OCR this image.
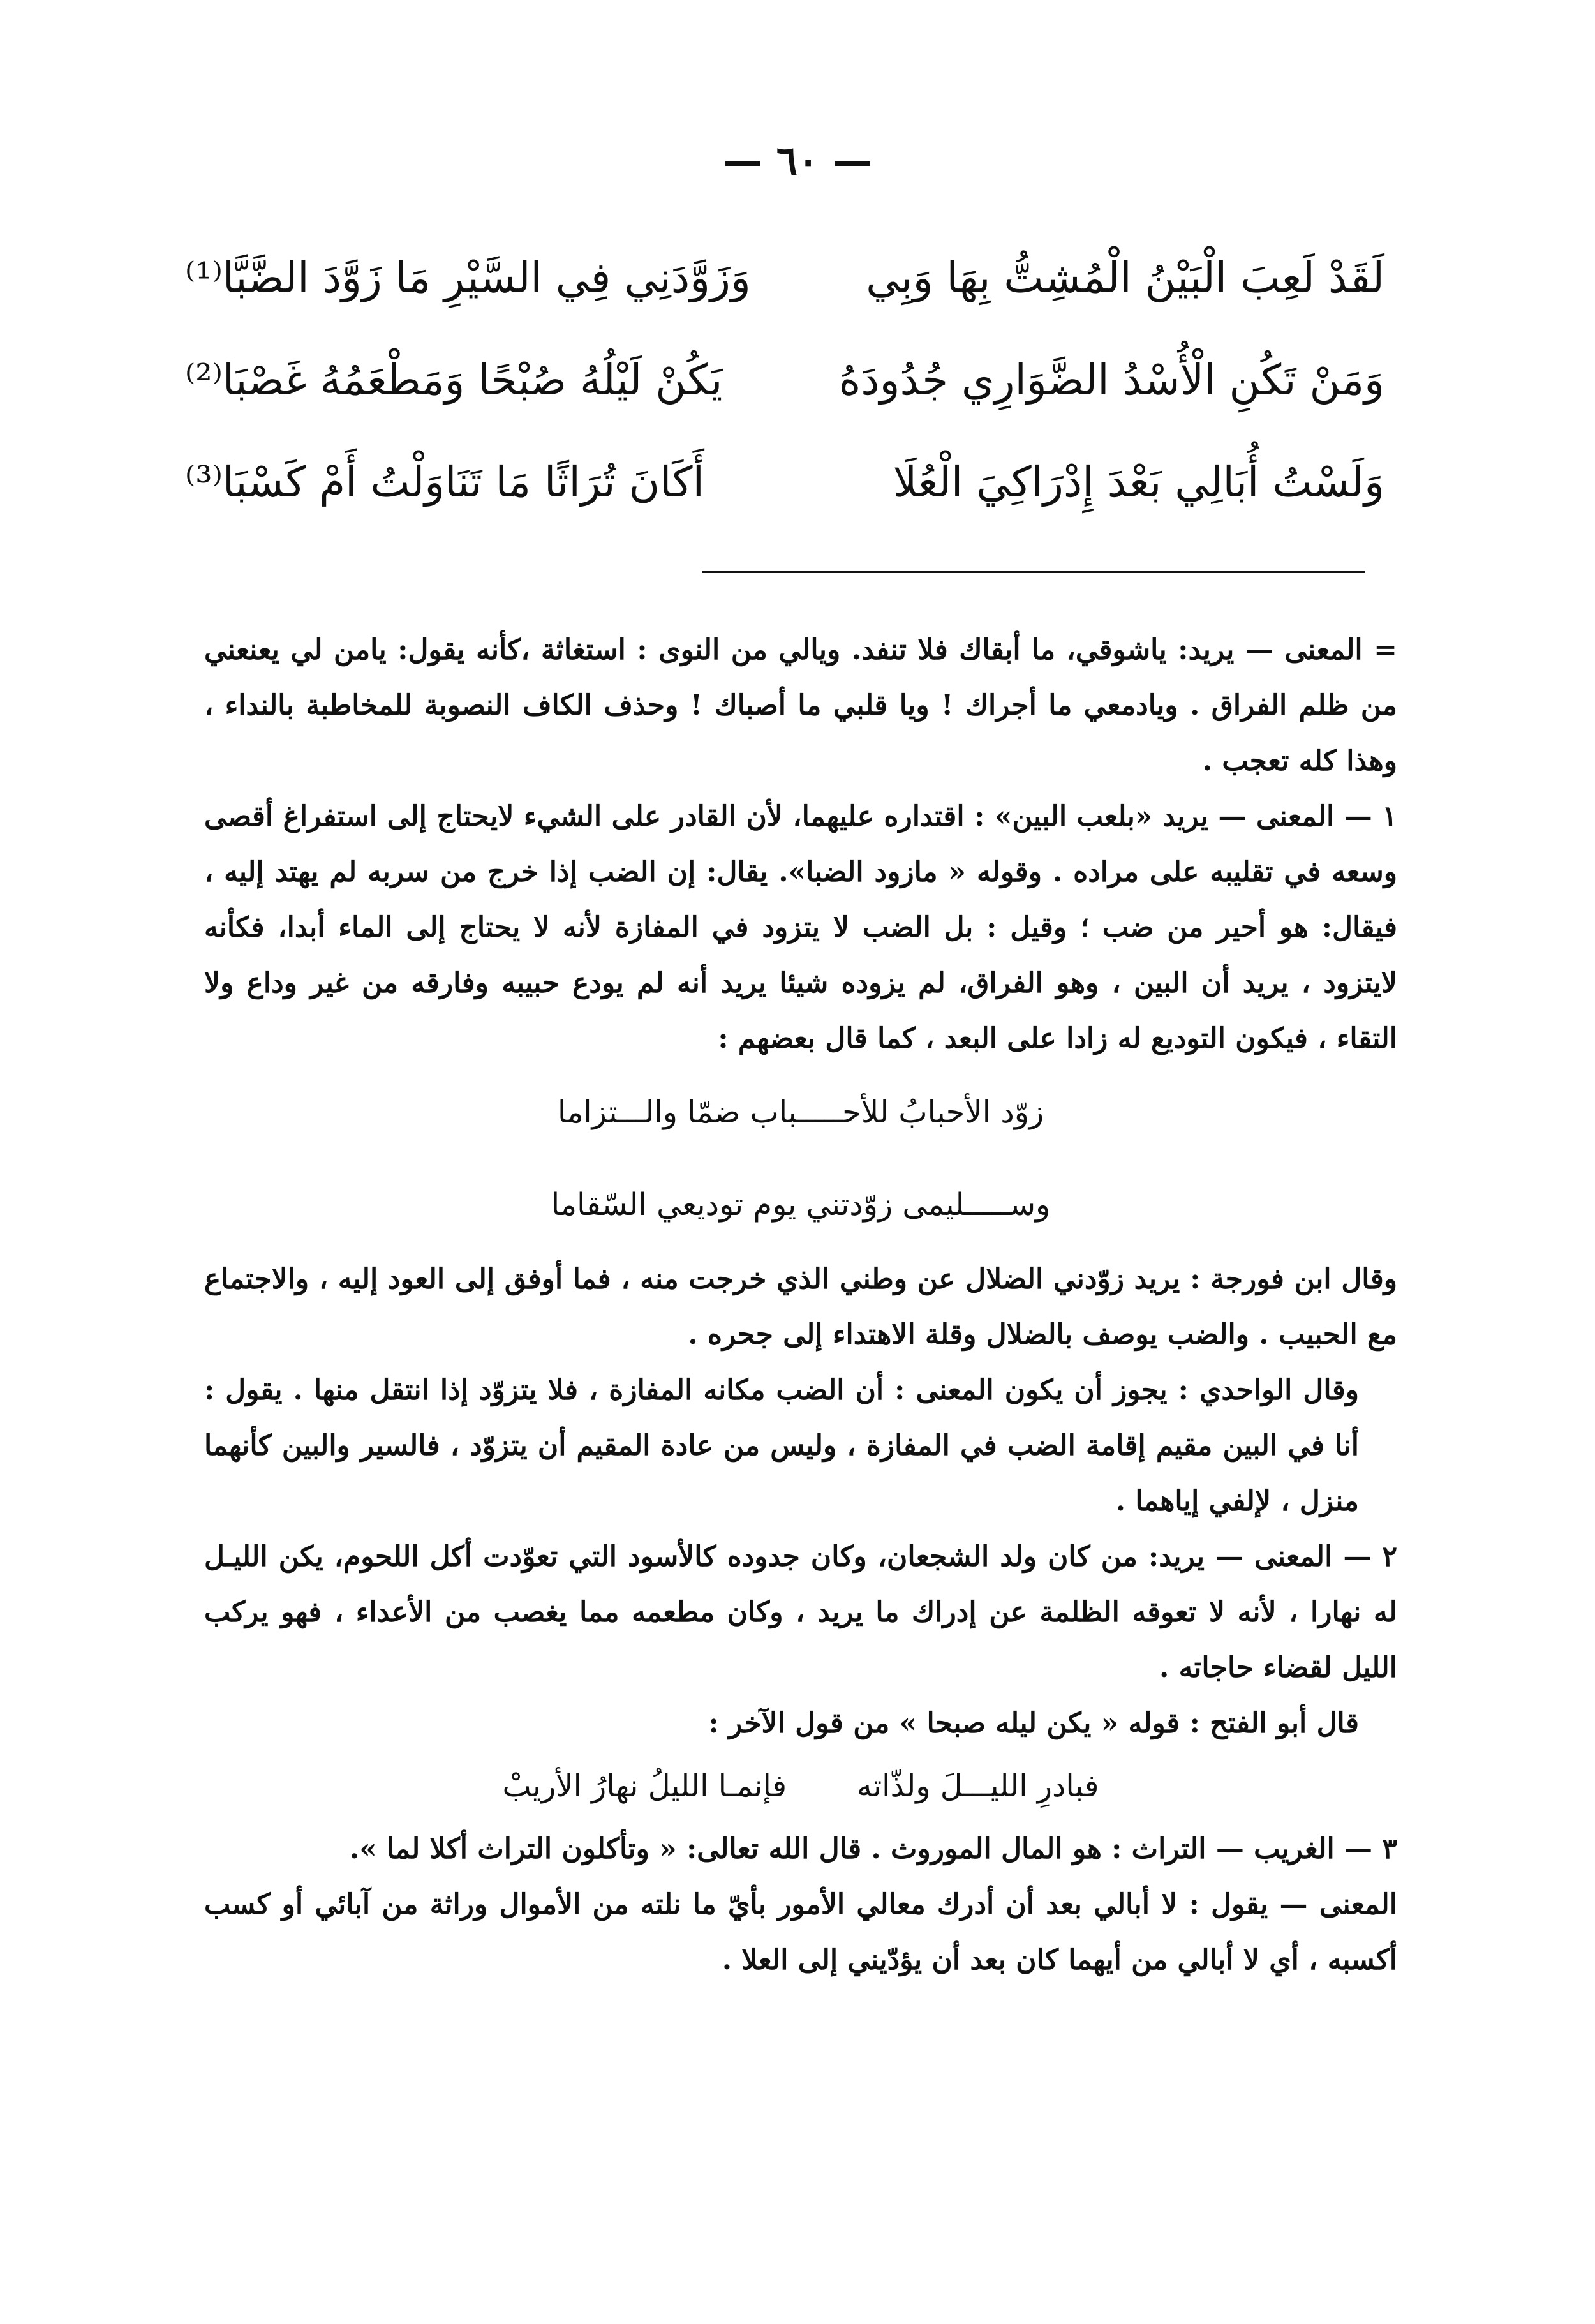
— ٦٠ —
لَقَدْ لَعِبَ الْبَيْنُ الْمُشِتُّ بِهَا وَبِي
وَزَوَّدَنِي فِي السَّيْرِ مَا زَوَّدَ الضَّبَّا⁽¹⁾
وَمَنْ تَكُنِ الْأُسْدُ الضَّوَارِي جُدُودَهُ
يَكُنْ لَيْلُهُ صُبْحًا وَمَطْعَمُهُ غَصْبَا⁽²⁾
وَلَسْتُ أُبَالِي بَعْدَ إِدْرَاكِيَ الْعُلَا
أَكَانَ تُرَاثًا مَا تَنَاوَلْتُ أَمْ كَسْبَا⁽³⁾

= المعنى — يريد: ياشوقي، ما أبقاك فلا تنفد. ويالي من النوى : استغاثة ،كأنه يقول: يامن لي يعنعني من ظلم الفراق . ويادمعي ما أجراك ! ويا قلبي ما أصباك ! وحذف الكاف النصوبة للمخاطبة بالنداء ، وهذا كله تعجب .

١ — المعنى — يريد «بلعب البين» : اقتداره عليهما، لأن القادر على الشيء لايحتاج إلى استفراغ أقصى وسعه في تقليبه على مراده . وقوله « مازود الضبا». يقال: إن الضب إذا خرج من سربه لم يهتد إليه ، فيقال: هو أحير من ضب ؛ وقيل : بل الضب لا يتزود في المفازة لأنه لا يحتاج إلى الماء أبدا، فكأنه لايتزود ، يريد أن البين ، وهو الفراق، لم يزوده شيئا يريد أنه لم يودع حبيبه وفارقه من غير وداع ولا التقاء ، فيكون التوديع له زادا على البعد ، كما قال بعضهم :

زوّد الأحبابُ للأحـــــباب ضمّا والـــتزاما
وســـــليمى زوّدتني يوم توديعي السّقاما

وقال ابن فورجة : يريد زوّدني الضلال عن وطني الذي خرجت منه ، فما أوفق إلى العود إليه ، والاجتماع مع الحبيب . والضب يوصف بالضلال وقلة الاهتداء إلى جحره .

وقال الواحدي : يجوز أن يكون المعنى : أن الضب مكانه المفازة ، فلا يتزوّد إذا انتقل منها . يقول : أنا في البين مقيم إقامة الضب في المفازة ، وليس من عادة المقيم أن يتزوّد ، فالسير والبين كأنهما منزل ، لإلفي إياهما .

٢ — المعنى — يريد: من كان ولد الشجعان، وكان جدوده كالأسود التي تعوّدت أكل اللحوم، يكن الليـل له نهارا ، لأنه لا تعوقه الظلمة عن إدراك ما يريد ، وكان مطعمه مما يغصب من الأعداء ، فهو يركب الليل لقضاء حاجاته .

قال أبو الفتح : قوله « يكن ليله صبحا » من قول الآخر :

فبادرِ الليـــلَ ولذّاته
فإنمـا الليلُ نهارُ الأريبْ

٣ — الغريب — التراث : هو المال الموروث . قال الله تعالى: « وتأكلون التراث أكلا لما ».

المعنى — يقول : لا أبالي بعد أن أدرك معالي الأمور بأيّ ما نلته من الأموال وراثة من آبائي أو كسب أكسبه ، أي لا أبالي من أيهما كان بعد أن يؤدّيني إلى العلا .
